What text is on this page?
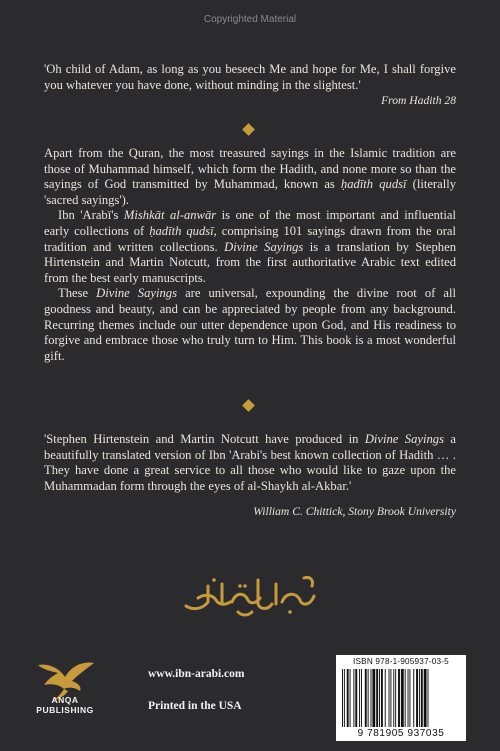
Copyrighted Material
'Oh child of Adam, as long as you beseech Me and hope for Me, I shall forgive you whatever you have done, without minding in the slightest.'
From Hadith 28

Apart from the Quran, the most treasured sayings in the Islamic tradition are those of Muhammad himself, which form the Hadith, and none more so than the sayings of God transmitted by Muhammad, known as ḥadīth qudsī (literally 'sacred sayings').

Ibn 'Arabī's Mishkāt al-anwār is one of the most important and influential early collections of ḥadīth qudsī, comprising 101 sayings drawn from the oral tradition and written collections. Divine Sayings is a translation by Stephen Hirtenstein and Martin Notcutt, from the first authoritative Arabic text edited from the best early manuscripts.

These Divine Sayings are universal, expounding the divine root of all goodness and beauty, and can be appreciated by people from any background. Recurring themes include our utter dependence upon God, and His readiness to forgive and embrace those who truly turn to Him. This book is a most wonderful gift.

'Stephen Hirtenstein and Martin Notcutt have produced in Divine Sayings a beautifully translated version of Ibn 'Arabi's best known collection of Hadith … . They have done a great service to all those who would like to gaze upon the Muhammadan form through the eyes of al-Shaykh al-Akbar.'
William C. Chittick, Stony Brook University
ANQA
PUBLISHING
www.ibn-arabi.com
Printed in the USA
ISBN 978-1-905937-03-5
9 781905 937035
